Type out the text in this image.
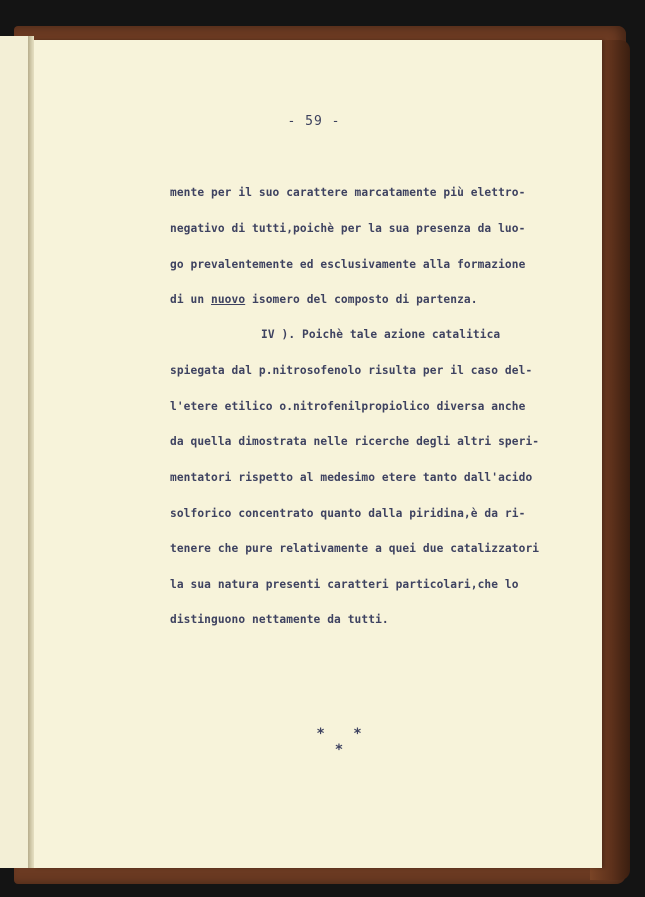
- 59 -
mente per il suo carattere marcatamente più elettro-
negativo di tutti,poichè per la sua presenza da luo-
go prevalentemente ed esclusivamente alla formazione
di un nuovo isomero del composto di partenza.
IV ). Poichè tale azione catalitica
spiegata dal p.nitrosofenolo risulta per il caso del-
l'etere etilico o.nitrofenilpropiolico diversa anche
da quella dimostrata nelle ricerche degli altri speri-
mentatori rispetto al medesimo etere tanto dall'acido
solforico concentrato quanto dalla piridina,è da ri-
tenere che pure relativamente a quei due catalizzatori
la sua natura presenti caratteri particolari,che lo
distinguono nettamente da tutti.
* * *
